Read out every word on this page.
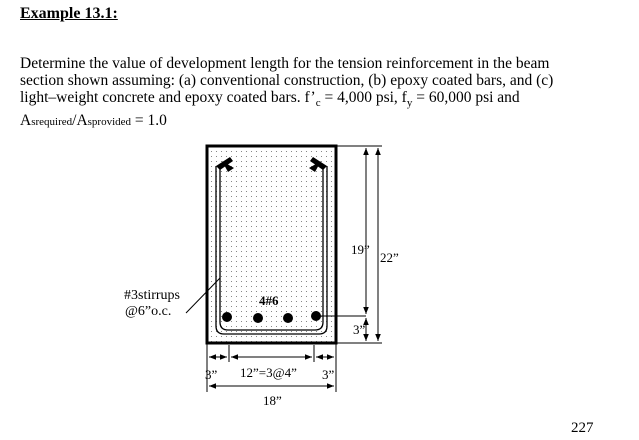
Example 13.1:

Determine the value of development length for the tension reinforcement in the beam

section shown assuming: (a) conventional construction, (b) epoxy coated bars, and (c)

light–weight concrete and epoxy coated bars. $f’_c = 4,000$ psi, $f_y = 60,000$ psi and

Asrequired/Asprovided = 1.0

#3stirrups
@6”o.c.
4#6
19”
22”
3”
3” 12”=3@4” 3”
18”
227
